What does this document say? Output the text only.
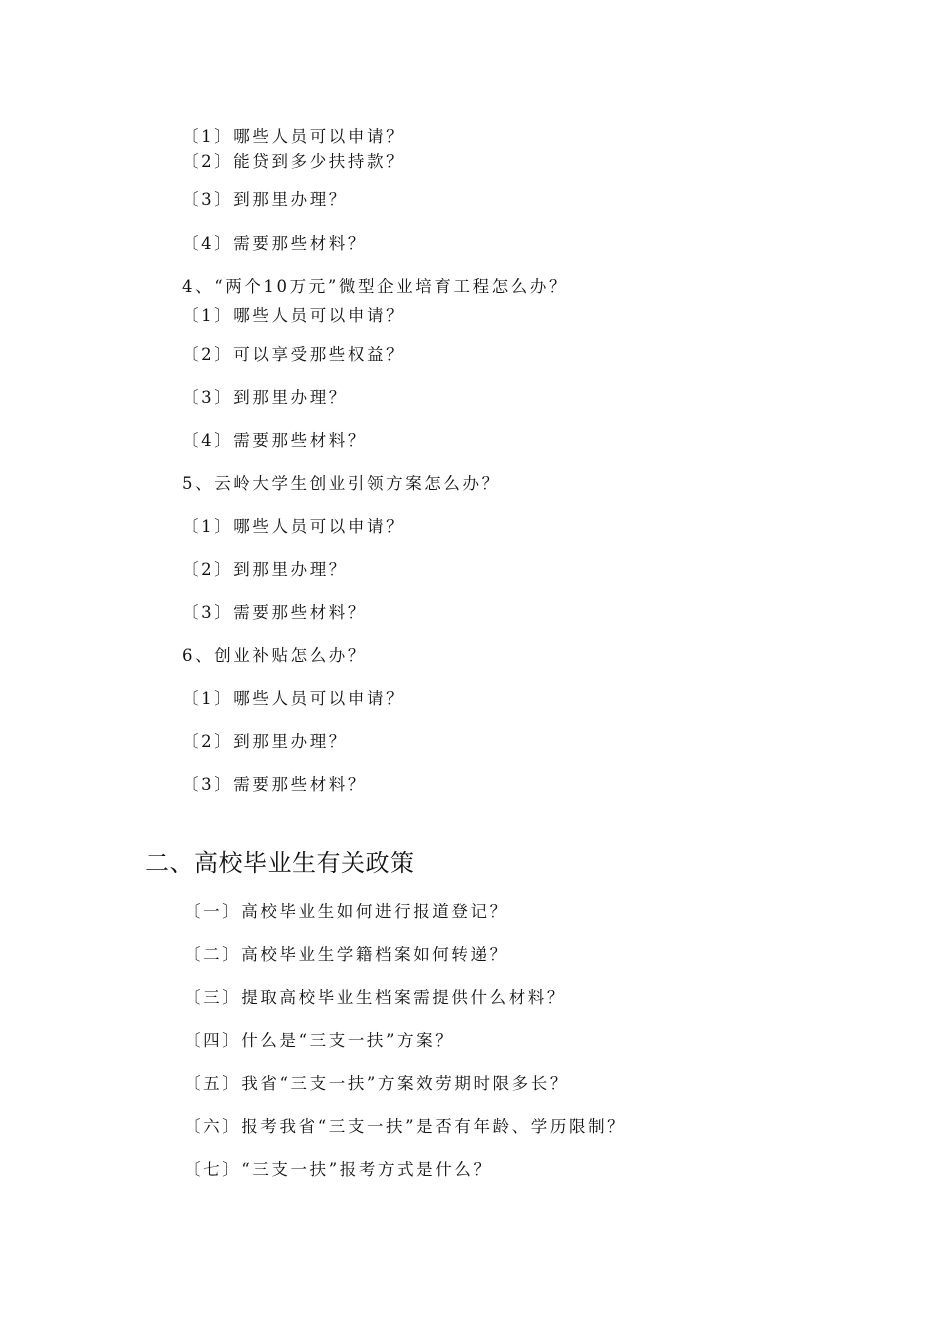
〔1〕哪些人员可以申请？
〔2〕能贷到多少扶持款？
〔3〕到那里办理？
〔4〕需要那些材料？
4、“两个10万元”微型企业培育工程怎么办？
〔1〕哪些人员可以申请？
〔2〕可以享受那些权益？
〔3〕到那里办理？
〔4〕需要那些材料？
5、云岭大学生创业引领方案怎么办？
〔1〕哪些人员可以申请？
〔2〕到那里办理？
〔3〕需要那些材料？
6、创业补贴怎么办？
〔1〕哪些人员可以申请？
〔2〕到那里办理？
〔3〕需要那些材料？
二、高校毕业生有关政策
〔一〕高校毕业生如何进行报道登记？
〔二〕高校毕业生学籍档案如何转递？
〔三〕提取高校毕业生档案需提供什么材料？
〔四〕什么是“三支一扶”方案？
〔五〕我省“三支一扶”方案效劳期时限多长？
〔六〕报考我省“三支一扶”是否有年龄、学历限制？
〔七〕“三支一扶”报考方式是什么？
